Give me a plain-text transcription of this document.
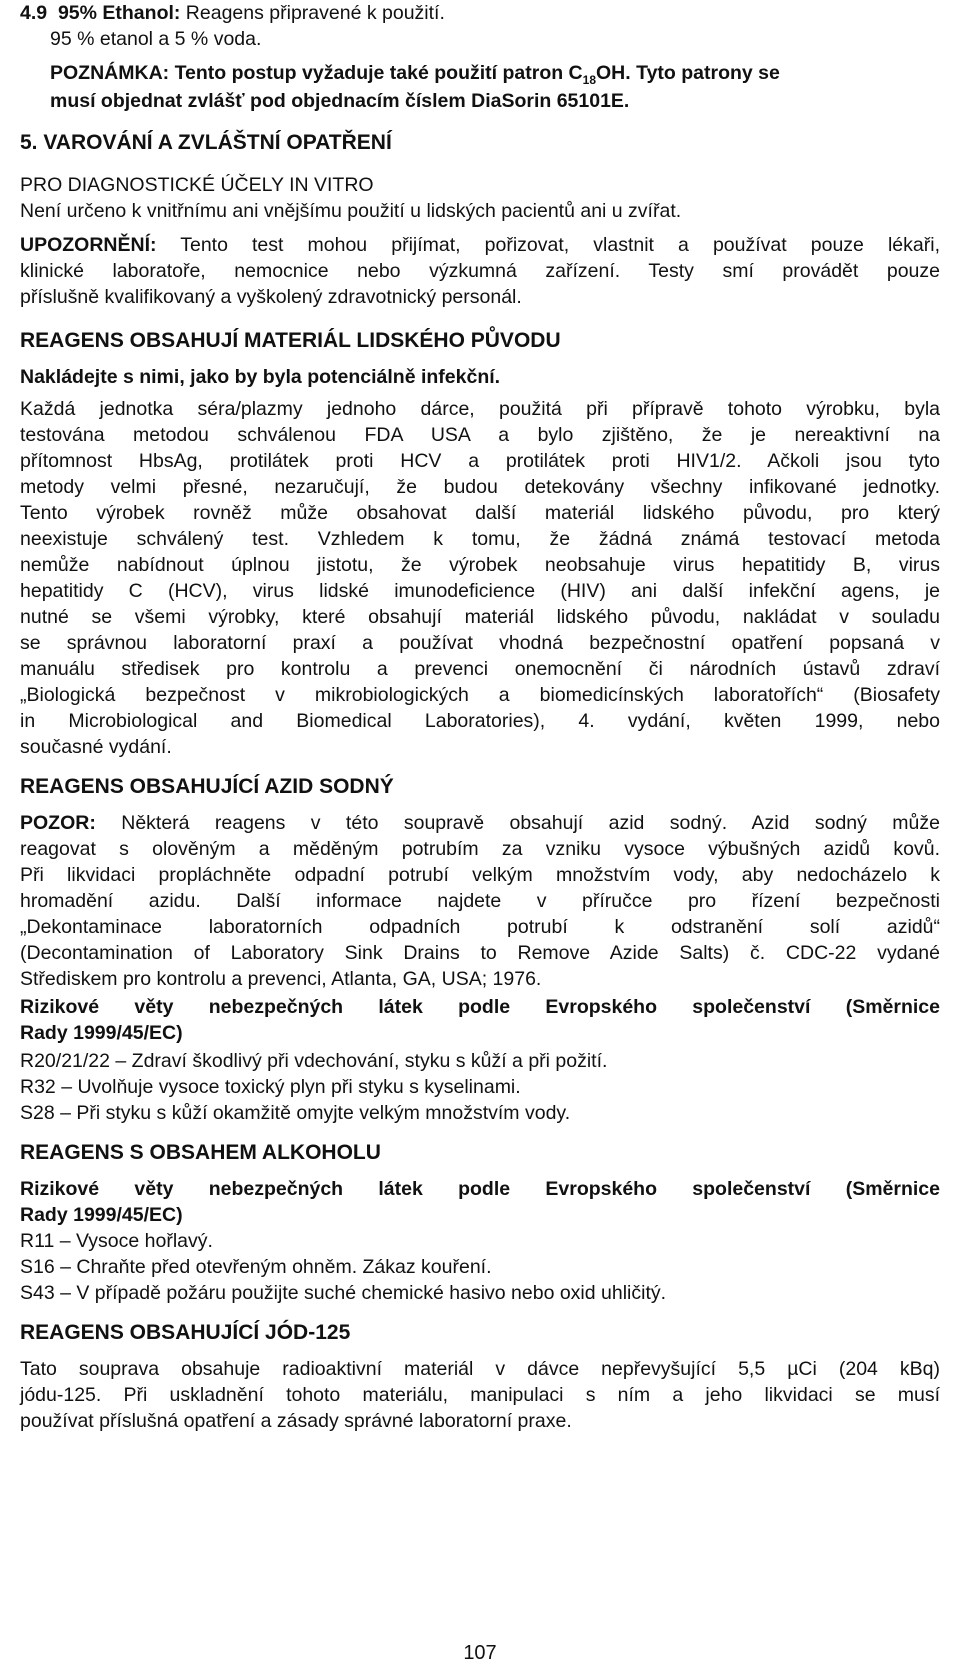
4.9 95% Ethanol: Reagens připravené k použití.
95 % etanol a 5 % voda.
POZNÁMKA: Tento postup vyžaduje také použití patron $C_{18}OH$. Tyto patrony se
musí objednat zvlášť pod objednacím číslem DiaSorin 65101E.
5. VAROVÁNÍ A ZVLÁŠTNÍ OPATŘENÍ
PRO DIAGNOSTICKÉ ÚČELY IN VITRO
Není určeno k vnitřnímu ani vnějšímu použití u lidských pacientů ani u zvířat.
UPOZORNĚNÍ: Tento test mohou přijímat, pořizovat, vlastnit a používat pouze lékaři,
klinické laboratoře, nemocnice nebo výzkumná zařízení. Testy smí provádět pouze
příslušně kvalifikovaný a vyškolený zdravotnický personál.
REAGENS OBSAHUJÍ MATERIÁL LIDSKÉHO PŮVODU
Nakládejte s nimi, jako by byla potenciálně infekční.
Každá jednotka séra/plazmy jednoho dárce, použitá při přípravě tohoto výrobku, byla
testována metodou schválenou FDA USA a bylo zjištěno, že je nereaktivní na
přítomnost HbsAg, protilátek proti HCV a protilátek proti HIV1/2. Ačkoli jsou tyto
metody velmi přesné, nezaručují, že budou detekovány všechny infikované jednotky.
Tento výrobek rovněž může obsahovat další materiál lidského původu, pro který
neexistuje schválený test. Vzhledem k tomu, že žádná známá testovací metoda
nemůže nabídnout úplnou jistotu, že výrobek neobsahuje virus hepatitidy B, virus
hepatitidy C (HCV), virus lidské imunodeficience (HIV) ani další infekční agens, je
nutné se všemi výrobky, které obsahují materiál lidského původu, nakládat v souladu
se správnou laboratorní praxí a používat vhodná bezpečnostní opatření popsaná v
manuálu středisek pro kontrolu a prevenci onemocnění či národních ústavů zdraví
„Biologická bezpečnost v mikrobiologických a biomedicínských laboratořích“ (Biosafety
in Microbiological and Biomedical Laboratories), 4. vydání, květen 1999, nebo
současné vydání.
REAGENS OBSAHUJÍCÍ AZID SODNÝ
POZOR: Některá reagens v této soupravě obsahují azid sodný. Azid sodný může
reagovat s olověným a měděným potrubím za vzniku vysoce výbušných azidů kovů.
Při likvidaci propláchněte odpadní potrubí velkým množstvím vody, aby nedocházelo k
hromadění azidu. Další informace najdete v příručce pro řízení bezpečnosti
„Dekontaminace laboratorních odpadních potrubí k odstranění solí azidů“
(Decontamination of Laboratory Sink Drains to Remove Azide Salts) č. CDC-22 vydané
Střediskem pro kontrolu a prevenci, Atlanta, GA, USA; 1976.
Rizikové věty nebezpečných látek podle Evropského společenství (Směrnice
Rady 1999/45/EC)
R20/21/22 – Zdraví škodlivý při vdechování, styku s kůží a při požití.
R32 – Uvolňuje vysoce toxický plyn při styku s kyselinami.
S28 – Při styku s kůží okamžitě omyjte velkým množstvím vody.
REAGENS S OBSAHEM ALKOHOLU
Rizikové věty nebezpečných látek podle Evropského společenství (Směrnice
Rady 1999/45/EC)
R11 – Vysoce hořlavý.
S16 – Chraňte před otevřeným ohněm. Zákaz kouření.
S43 – V případě požáru použijte suché chemické hasivo nebo oxid uhličitý.
REAGENS OBSAHUJÍCÍ JÓD-125
Tato souprava obsahuje radioaktivní materiál v dávce nepřevyšující 5,5 µCi (204 kBq)
jódu-125. Při uskladnění tohoto materiálu, manipulaci s ním a jeho likvidaci se musí
používat příslušná opatření a zásady správné laboratorní praxe.
107
